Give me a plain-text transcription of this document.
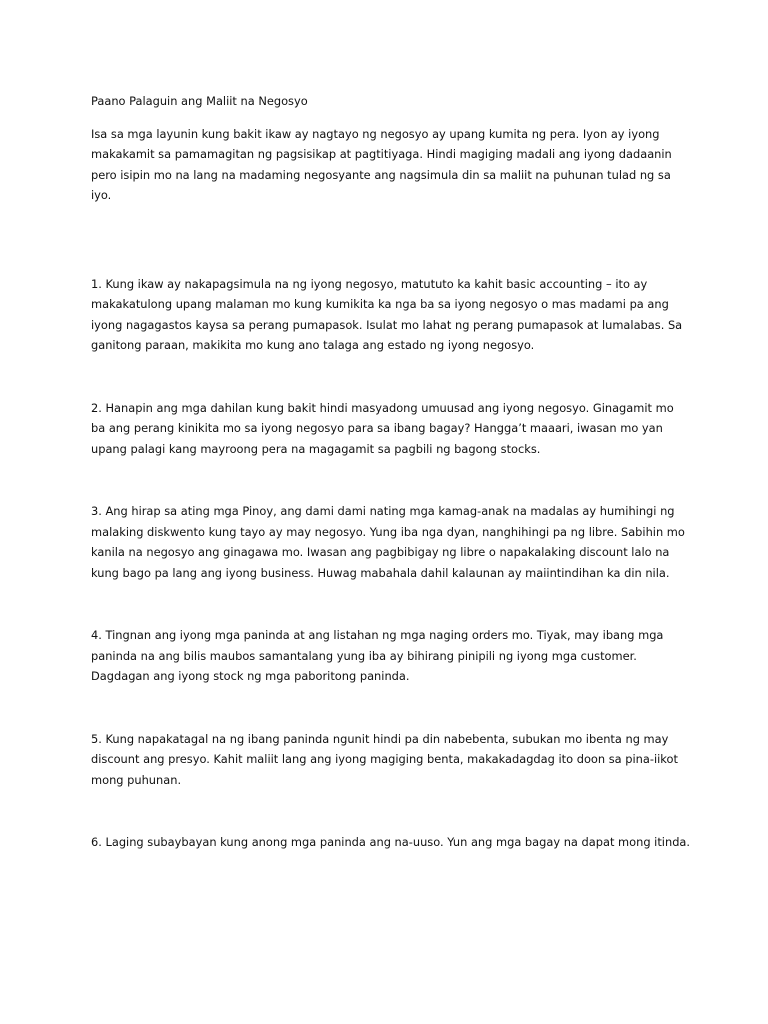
Paano Palaguin ang Maliit na Negosyo

Isa sa mga layunin kung bakit ikaw ay nagtayo ng negosyo ay upang kumita ng pera. Iyon ay iyong makakamit sa pamamagitan ng pagsisikap at pagtitiyaga. Hindi magiging madali ang iyong dadaanin pero isipin mo na lang na madaming negosyante ang nagsimula din sa maliit na puhunan tulad ng sa iyo.

1. Kung ikaw ay nakapagsimula na ng iyong negosyo, matututo ka kahit basic accounting – ito ay makakatulong upang malaman mo kung kumikita ka nga ba sa iyong negosyo o mas madami pa ang iyong nagagastos kaysa sa perang pumapasok. Isulat mo lahat ng perang pumapasok at lumalabas. Sa ganitong paraan, makikita mo kung ano talaga ang estado ng iyong negosyo.
2. Hanapin ang mga dahilan kung bakit hindi masyadong umuusad ang iyong negosyo. Ginagamit mo ba ang perang kinikita mo sa iyong negosyo para sa ibang bagay? Hangga’t maaari, iwasan mo yan upang palagi kang mayroong pera na magagamit sa pagbili ng bagong stocks.
3. Ang hirap sa ating mga Pinoy, ang dami dami nating mga kamag-anak na madalas ay humihingi ng malaking diskwento kung tayo ay may negosyo. Yung iba nga dyan, nanghihingi pa ng libre. Sabihin mo kanila na negosyo ang ginagawa mo. Iwasan ang pagbibigay ng libre o napakalaking discount lalo na kung bago pa lang ang iyong business. Huwag mabahala dahil kalaunan ay maiintindihan ka din nila.
4. Tingnan ang iyong mga paninda at ang listahan ng mga naging orders mo. Tiyak, may ibang mga paninda na ang bilis maubos samantalang yung iba ay bihirang pinipili ng iyong mga customer. Dagdagan ang iyong stock ng mga paboritong paninda.
5. Kung napakatagal na ng ibang paninda ngunit hindi pa din nabebenta, subukan mo ibenta ng may discount ang presyo. Kahit maliit lang ang iyong magiging benta, makakadagdag ito doon sa pina-iikot mong puhunan.
6. Laging subaybayan kung anong mga paninda ang na-uuso. Yun ang mga bagay na dapat mong itinda.
